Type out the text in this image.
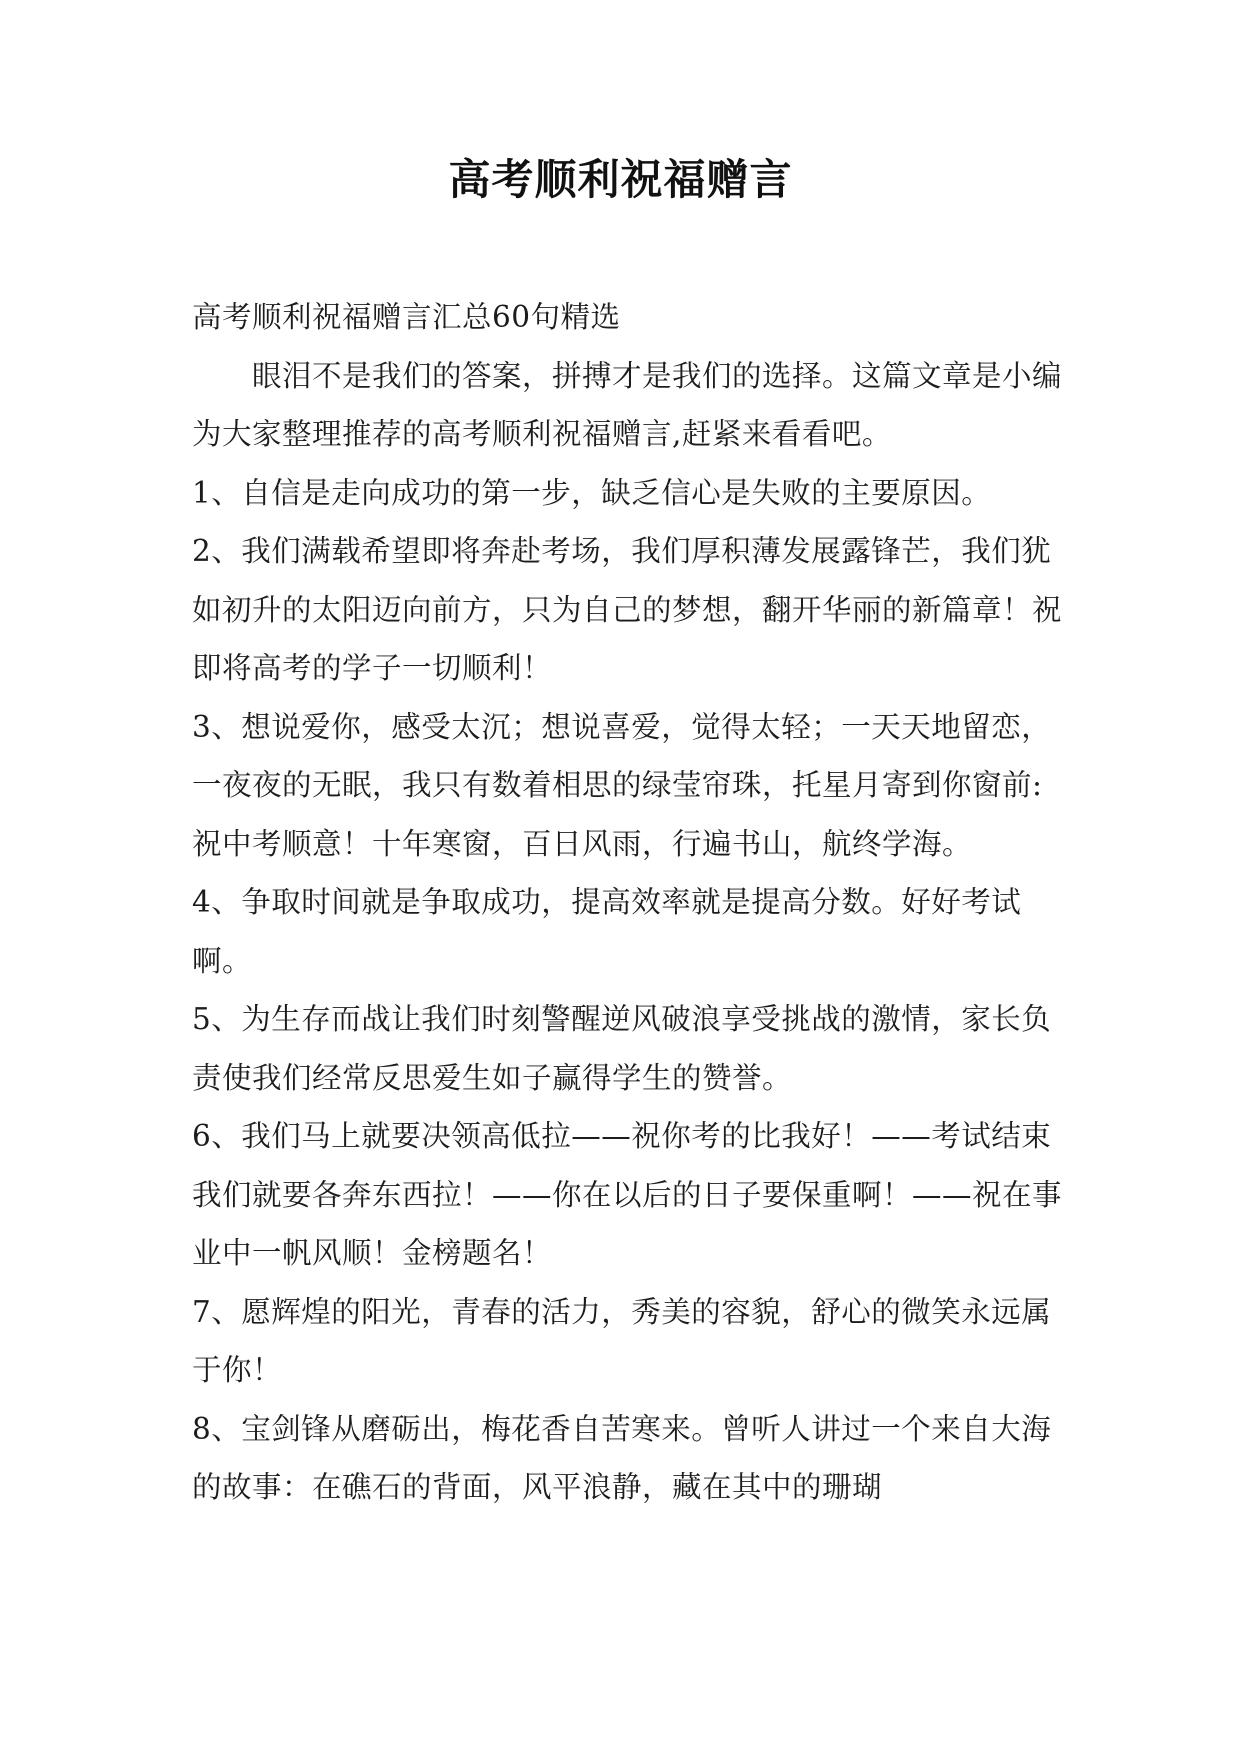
高考顺利祝福赠言

高考顺利祝福赠言汇总60句精选

眼泪不是我们的答案，拼搏才是我们的选择。这篇文章是小编为大家整理推荐的高考顺利祝福赠言,赶紧来看看吧。

1、自信是走向成功的第一步，缺乏信心是失败的主要原因。

2、我们满载希望即将奔赴考场，我们厚积薄发展露锋芒，我们犹如初升的太阳迈向前方，只为自己的梦想，翻开华丽的新篇章！祝即将高考的学子一切顺利！

3、想说爱你，感受太沉；想说喜爱，觉得太轻；一天天地留恋，一夜夜的无眠，我只有数着相思的绿莹帘珠，托星月寄到你窗前: 祝中考顺意！十年寒窗，百日风雨，行遍书山，航终学海。

4、争取时间就是争取成功，提高效率就是提高分数。好好考试啊。

5、为生存而战让我们时刻警醒逆风破浪享受挑战的激情，家长负责使我们经常反思爱生如子赢得学生的赞誉。

6、我们马上就要决领高低拉——祝你考的比我好！——考试结束我们就要各奔东西拉！——你在以后的日子要保重啊！——祝在事业中一帆风顺！金榜题名！

7、愿辉煌的阳光，青春的活力，秀美的容貌，舒心的微笑永远属于你！

8、宝剑锋从磨砺出，梅花香自苦寒来。曾听人讲过一个来自大海的故事：在礁石的背面，风平浪静，藏在其中的珊瑚
